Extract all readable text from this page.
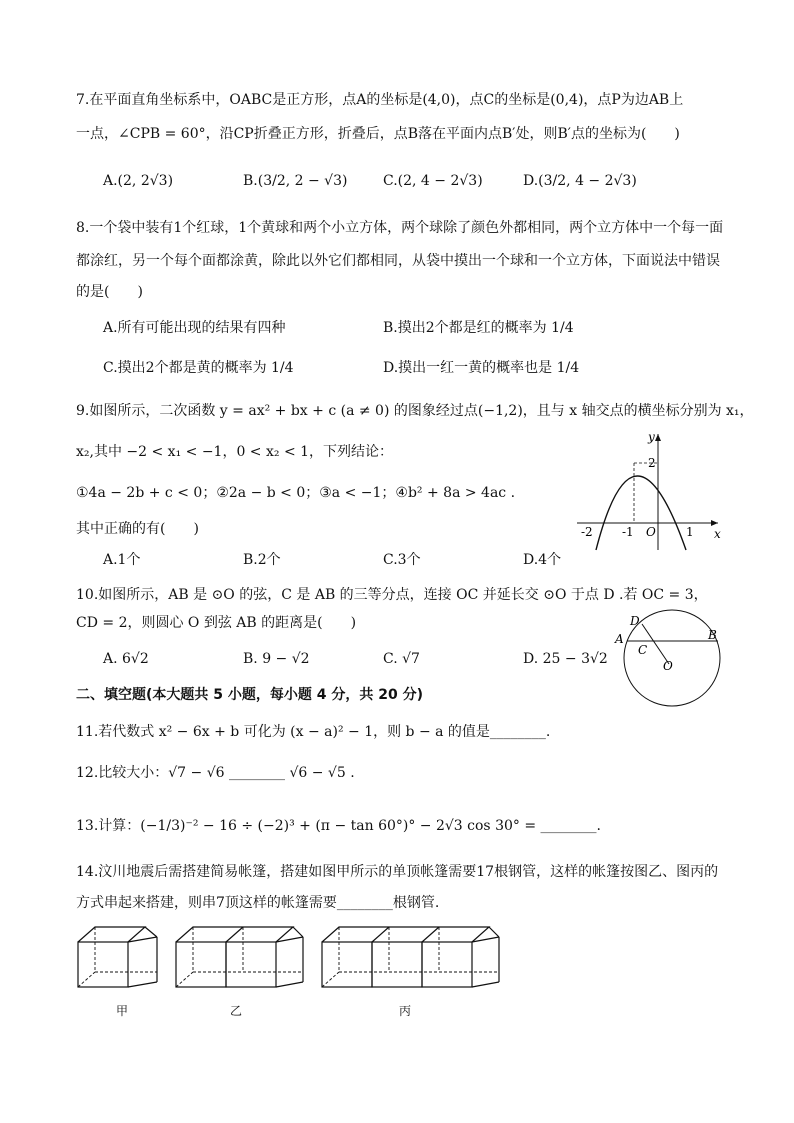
7.在平面直角坐标系中，OABC是正方形，点A的坐标是(4,0)，点C的坐标是(0,4)，点P为边AB上
一点，∠CPB = 60°，沿CP折叠正方形，折叠后，点B落在平面内点B′处，则B′点的坐标为(　　)
A.(2, 2√3)	B.(3/2, 2 − √3)	C.(2, 4 − 2√3)	D.(3/2, 4 − 2√3)
8.一个袋中装有1个红球，1个黄球和两个小立方体，两个球除了颜色外都相同，两个立方体中一个每一面
都涂红，另一个每个面都涂黄，除此以外它们都相同，从袋中摸出一个球和一个立方体，下面说法中错误
的是(　　)
A.所有可能出现的结果有四种	B.摸出2个都是红的概率为 1/4
C.摸出2个都是黄的概率为 1/4	D.摸出一红一黄的概率也是 1/4
9.如图所示，二次函数 y = ax² + bx + c (a ≠ 0) 的图象经过点(−1,2)，且与 x 轴交点的横坐标分别为 x₁，
x₂,其中 −2 < x₁ < −1，0 < x₂ < 1，下列结论：
①4a − 2b + c < 0；②2a − b < 0；③a < −1；④b² + 8a > 4ac .
其中正确的有(　　)
A.1个	B.2个	C.3个	D.4个
y
2
x
-2 -1 O	1
10.如图所示，AB 是 ⊙O 的弦，C 是 AB 的三等分点，连接 OC 并延长交 ⊙O 于点 D .若 OC = 3，
CD = 2，则圆心 O 到弦 AB 的距离是(　　)
A. 6√2	B. 9 − √2	C. √7	D. 25 − 3√2
D
A	B
C
O
二、填空题(本大题共 5 小题，每小题 4 分，共 20 分)
11.若代数式 x² − 6x + b 可化为 (x − a)² − 1，则 b − a 的值是________.
12.比较大小：√7 − √6 ________ √6 − √5 .
13.计算：(−1/3)⁻² − 16 ÷ (−2)³ + (π − tan 60°)° − 2√3 cos 30° = ________.
14.汶川地震后需搭建简易帐篷，搭建如图甲所示的单顶帐篷需要17根钢管，这样的帐篷按图乙、图丙的
方式串起来搭建，则串7顶这样的帐篷需要________根钢管.
甲	乙	丙
